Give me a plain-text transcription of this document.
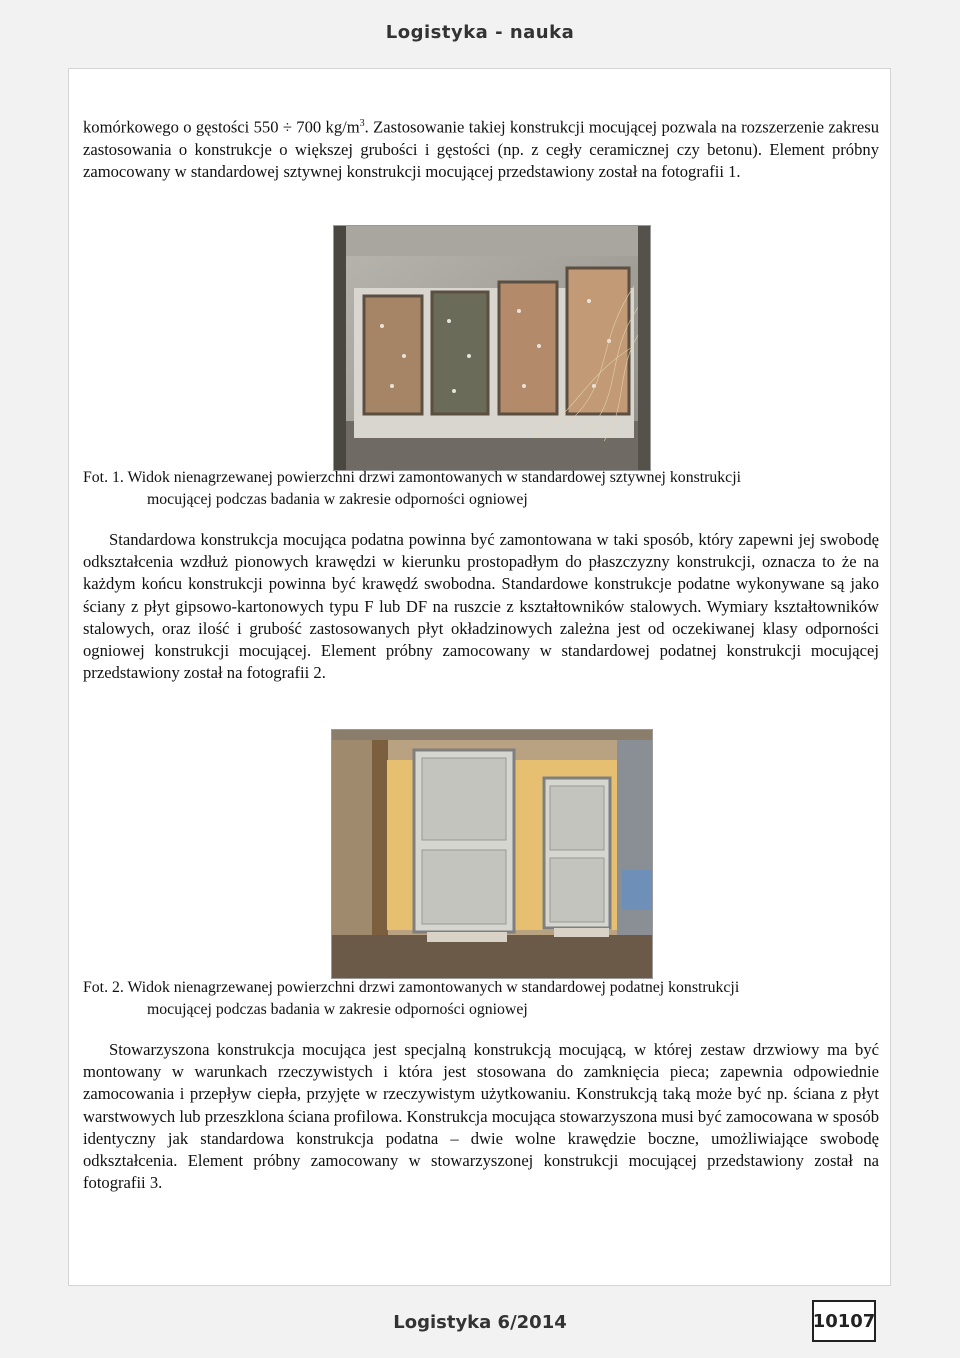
Logistyka - nauka
komórkowego o gęstości 550 ÷ 700 $kg/m^3$. Zastosowanie takiej konstrukcji mocującej pozwala na rozszerzenie zakresu zastosowania o konstrukcje o większej grubości i gęstości (np. z cegły ceramicznej czy betonu). Element próbny zamocowany w standardowej sztywnej konstrukcji mocującej przedstawiony został na fotografii 1.
Fot. 1. Widok nienagrzewanej powierzchni drzwi zamontowanych w standardowej sztywnej konstrukcji
mocującej podczas badania w zakresie odporności ogniowej
Standardowa konstrukcja mocująca podatna powinna być zamontowana w taki sposób, który zapewni jej swobodę odkształcenia wzdłuż pionowych krawędzi w kierunku prostopadłym do płaszczyzny konstrukcji, oznacza to że na każdym końcu konstrukcji powinna być krawędź swobodna. Standardowe konstrukcje podatne wykonywane są jako ściany z płyt gipsowo-kartonowych typu F lub DF na ruszcie z kształtowników stalowych. Wymiary kształtowników stalowych, oraz ilość i grubość zastosowanych płyt okładzinowych zależna jest od oczekiwanej klasy odporności ogniowej konstrukcji mocującej. Element próbny zamocowany w standardowej podatnej konstrukcji mocującej przedstawiony został na fotografii 2.
Fot. 2. Widok nienagrzewanej powierzchni drzwi zamontowanych w standardowej podatnej konstrukcji
mocującej podczas badania w zakresie odporności ogniowej
Stowarzyszona konstrukcja mocująca jest specjalną konstrukcją mocującą, w której zestaw drzwiowy ma być montowany w warunkach rzeczywistych i która jest stosowana do zamknięcia pieca; zapewnia odpowiednie zamocowania i przepływ ciepła, przyjęte w rzeczywistym użytkowaniu. Konstrukcją taką może być np. ściana z płyt warstwowych lub przeszklona ściana profilowa. Konstrukcja mocująca stowarzyszona musi być zamocowana w sposób identyczny jak standardowa konstrukcja podatna – dwie wolne krawędzie boczne, umożliwiające swobodę odkształcenia. Element próbny zamocowany w stowarzyszonej konstrukcji mocującej przedstawiony został na fotografii 3.
Logistyka 6/2014	10107
